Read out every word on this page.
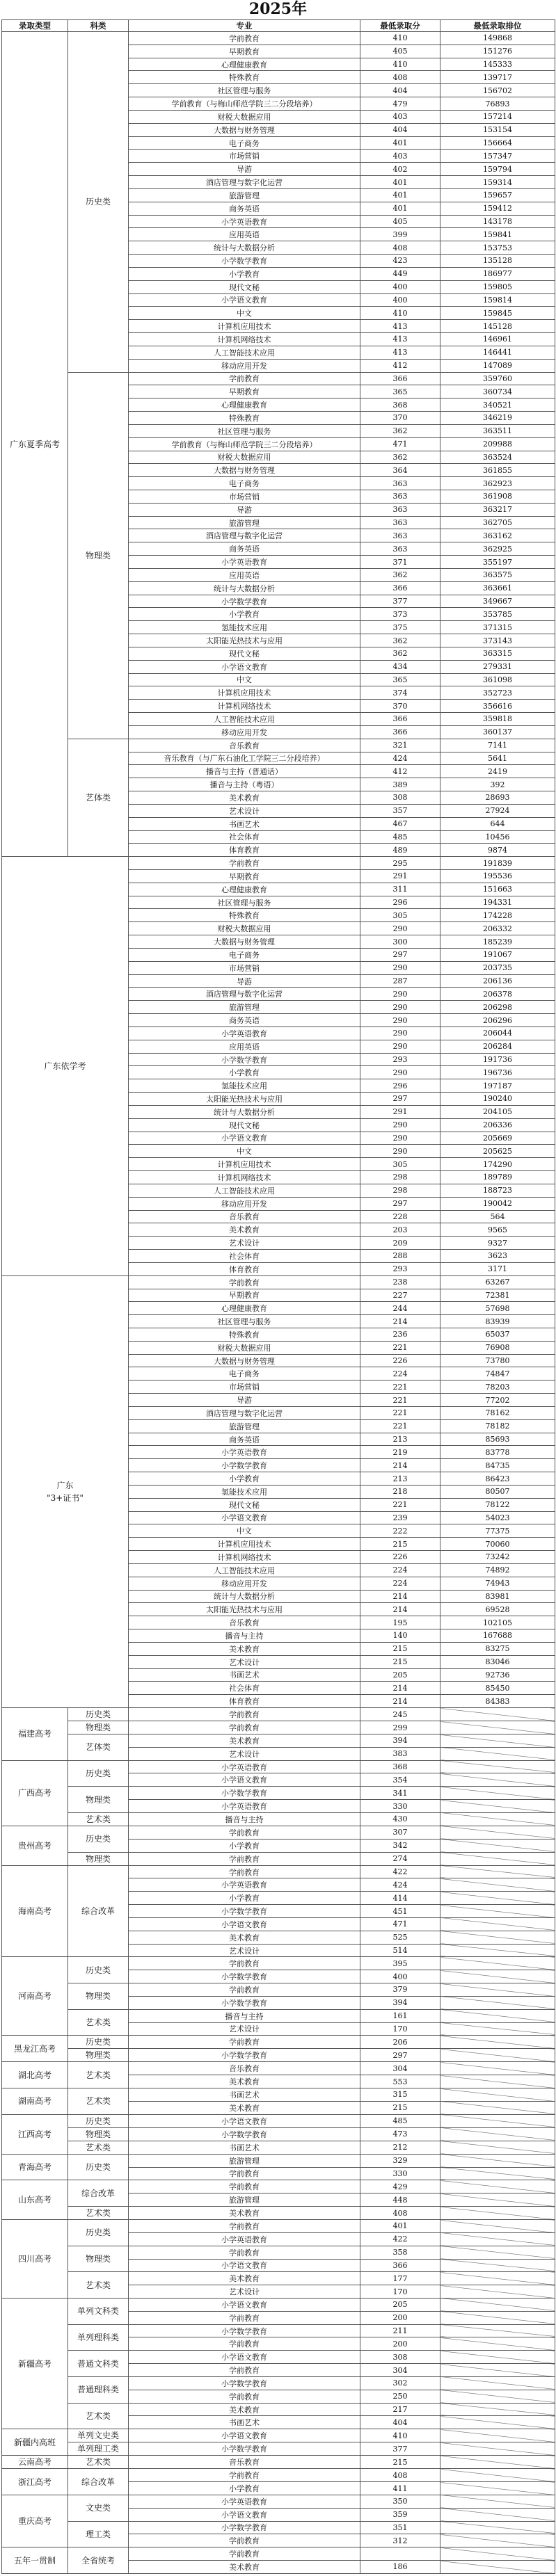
2025年
录取类型	科类	专业	最低录取分	最低录取排位
广东夏季高考	历史类	学前教育	410	149868
		早期教育	405	151276
		心理健康教育	410	145333
		特殊教育	408	139717
		社区管理与服务	404	156702
		学前教育（与梅山师范学院三二分段培养）	479	76893
		财税大数据应用	403	157214
		大数据与财务管理	404	153154
		电子商务	401	156664
		市场营销	403	157347
		导游	402	159794
		酒店管理与数字化运营	401	159314
		旅游管理	401	159657
		商务英语	401	159412
		小学英语教育	405	143178
		应用英语	399	159841
		统计与大数据分析	408	153753
		小学数学教育	423	135128
		小学教育	449	186977
		现代文秘	400	159805
		小学语文教育	400	159814
		中文	410	159845
		计算机应用技术	413	145128
		计算机网络技术	413	146961
		人工智能技术应用	413	146441
		移动应用开发	412	147089
	物理类	学前教育	366	359760
		早期教育	365	360734
		心理健康教育	368	340521
		特殊教育	370	346219
		社区管理与服务	362	363511
		学前教育（与梅山师范学院三二分段培养）	471	209988
		财税大数据应用	362	363524
		大数据与财务管理	364	361855
		电子商务	363	362923
		市场营销	363	361908
		导游	363	363217
		旅游管理	363	362705
		酒店管理与数字化运营	363	363162
		商务英语	363	362925
		小学英语教育	371	355197
		应用英语	362	363575
		统计与大数据分析	366	363661
		小学数学教育	377	349667
		小学教育	373	353785
		氢能技术应用	375	371315
		太阳能光热技术与应用	362	373143
		现代文秘	362	363315
		小学语文教育	434	279331
		中文	365	361098
		计算机应用技术	374	352723
		计算机网络技术	370	356616
		人工智能技术应用	366	359818
		移动应用开发	366	360137
	艺体类	音乐教育	321	7141
		音乐教育（与广东石油化工学院三二分段培养）	424	5641
		播音与主持（普通话）	412	2419
		播音与主持（粤语）	389	392
		美术教育	308	28693
		艺术设计	357	27924
		书画艺术	467	644
		社会体育	485	10456
		体育教育	489	9874
广东依学考		学前教育	295	191839
		早期教育	291	195536
		心理健康教育	311	151663
		社区管理与服务	296	194331
		特殊教育	305	174228
		财税大数据应用	290	206332
		大数据与财务管理	300	185239
		电子商务	297	191067
		市场营销	290	203735
		导游	287	206136
		酒店管理与数字化运营	290	206378
		旅游管理	290	206298
		商务英语	290	206296
		小学英语教育	290	206044
		应用英语	290	206284
		小学数学教育	293	191736
		小学教育	290	196736
		氢能技术应用	296	197187
		太阳能光热技术与应用	297	190240
		统计与大数据分析	291	204105
		现代文秘	290	206336
		小学语文教育	290	205669
		中文	290	205625
		计算机应用技术	305	174290
		计算机网络技术	298	189789
		人工智能技术应用	298	188723
		移动应用开发	297	190042
		音乐教育	228	564
		美术教育	203	9565
		艺术设计	209	9327
		社会体育	288	3623
		体育教育	293	3171
广东
"3+证书"		学前教育	238	63267
		早期教育	227	72381
		心理健康教育	244	57698
		社区管理与服务	214	83939
		特殊教育	236	65037
		财税大数据应用	221	76908
		大数据与财务管理	226	73780
		电子商务	224	74847
		市场营销	221	78203
		导游	221	77202
		酒店管理与数字化运营	221	78162
		旅游管理	221	78182
		商务英语	213	85693
		小学英语教育	219	83778
		小学数学教育	214	84735
		小学教育	213	86423
		氢能技术应用	218	80507
		现代文秘	221	78122
		小学语文教育	239	54023
		中文	222	77375
		计算机应用技术	215	70060
		计算机网络技术	226	73242
		人工智能技术应用	224	74892
		移动应用开发	224	74943
		统计与大数据分析	214	83981
		太阳能光热技术与应用	214	69528
		音乐教育	195	102105
		播音与主持	140	167688
		美术教育	215	83275
		艺术设计	215	83046
		书画艺术	205	92736
		社会体育	214	85450
		体育教育	214	84383
福建高考	历史类	学前教育	245	
	物理类	学前教育	299	
	艺体类	美术教育	394	
		艺术设计	383	
广西高考	历史类	小学英语教育	368	
		小学语文教育	354	
	物理类	小学数学教育	341	
		小学英语教育	330	
	艺术类	播音与主持	430	
贵州高考	历史类	学前教育	307	
		小学教育	342	
	物理类	学前教育	274	
海南高考	综合改革	学前教育	422	
		小学英语教育	424	
		小学教育	414	
		小学数学教育	451	
		小学语文教育	471	
		美术教育	525	
		艺术设计	514	
河南高考	历史类	学前教育	395	
		小学数学教育	400	
	物理类	学前教育	379	
		小学数学教育	394	
	艺术类	播音与主持	161	
		艺术设计	170	
黑龙江高考	历史类	学前教育	206	
	物理类	小学数学教育	297	
湖北高考	艺术类	音乐教育	304	
		美术教育	553	
湖南高考	艺术类	书画艺术	315	
		美术教育	215	
江西高考	历史类	小学语文教育	485	
	物理类	小学数学教育	473	
	艺术类	书画艺术	212	
青海高考	历史类	旅游管理	329	
		学前教育	330	
山东高考	综合改革	学前教育	429	
		旅游管理	448	
	艺术类	美术教育	408	
四川高考	历史类	学前教育	401	
		小学英语教育	422	
	物理类	学前教育	358	
		小学语文教育	366	
	艺术类	美术教育	177	
		艺术设计	170	
新疆高考	单列文科类	小学语文教育	205	
		学前教育	200	
	单列理科类	小学数学教育	211	
		学前教育	200	
	普通文科类	小学语文教育	308	
		学前教育	304	
	普通理科类	小学数学教育	302	
		学前教育	250	
	艺术类	美术教育	217	
		书画艺术	404	
新疆内高班	单列文史类	小学语文教育	410	
	单列理工类	小学数学教育	377	
云南高考	艺术类	音乐教育	215	
浙江高考	综合改革	学前教育	408	
		小学教育	411	
重庆高考	文史类	小学英语教育	350	
		小学语文教育	359	
	理工类	小学数学教育	351	
		学前教育	312	
五年一贯制	全省统考	学前教育		
		美术教育	186	
